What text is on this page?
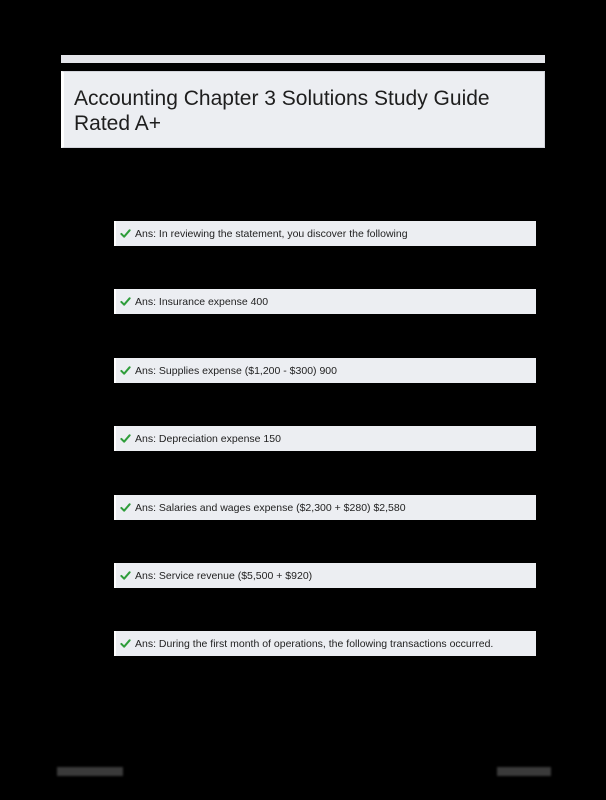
Accounting Chapter 3 Solutions Study Guide

Rated A+

Ans: In reviewing the statement, you discover the following
Ans: Insurance expense 400
Ans: Supplies expense ($1,200 - $300) 900
Ans: Depreciation expense 150
Ans: Salaries and wages expense ($2,300 + $280) $2,580
Ans: Service revenue ($5,500 + $920)
Ans: During the first month of operations, the following transactions occurred.
